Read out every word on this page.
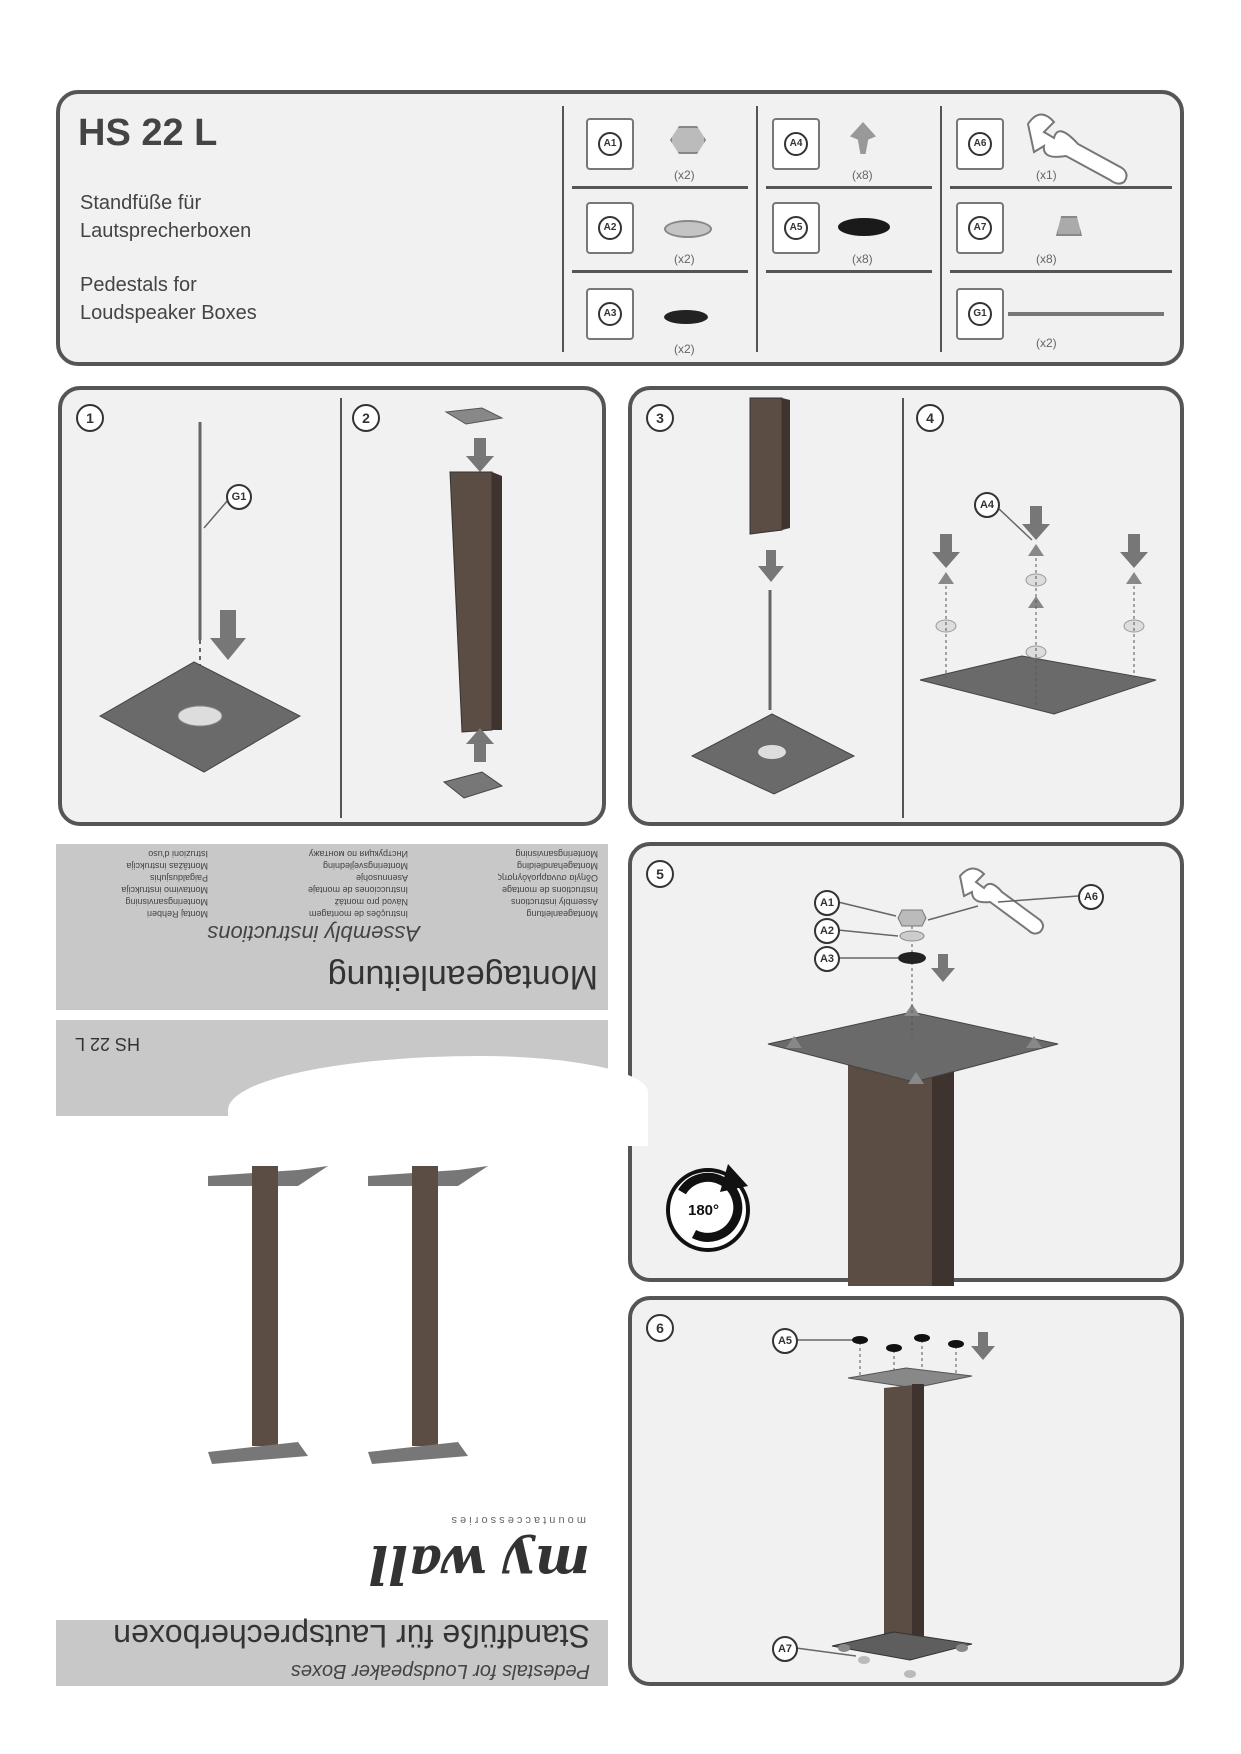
HS 22 L
Standfüße für
Lautsprecherboxen
Pedestals for
Loudspeaker Boxes
A1
(x2)
A2
(x2)
A3
(x2)
A4
(x8)
A5
(x8)
A6
(x1)
A7
(x8)
G1
(x2)
1	2
G1
3	4
A4
5
A1
A2
A3
A6
180°
6
A5
A7
Standfüße für Lautsprecherboxen
Pedestals for Loudspeaker Boxes
my wall
m o u n t a c c e s s o r i e s
HS 22 L
Montageanleitung
Assembly instructions
Montageanleitung
Assembly instructions
Instructions de montage
Οδηγία συναρμολόγησης
Montagehandleiding
Monteringsanvisning
Instruções de montagem
Návod pro montáž
Instrucciones de montaje
Asennusohje
Monteringsvejledning
Инструкция по монтажу
Montaj Rehberi
Monteringsanvisning
Montavimo instrukcija
Paigaldusjuhis
Montāžas instrukcija
Istruzioni d'uso
